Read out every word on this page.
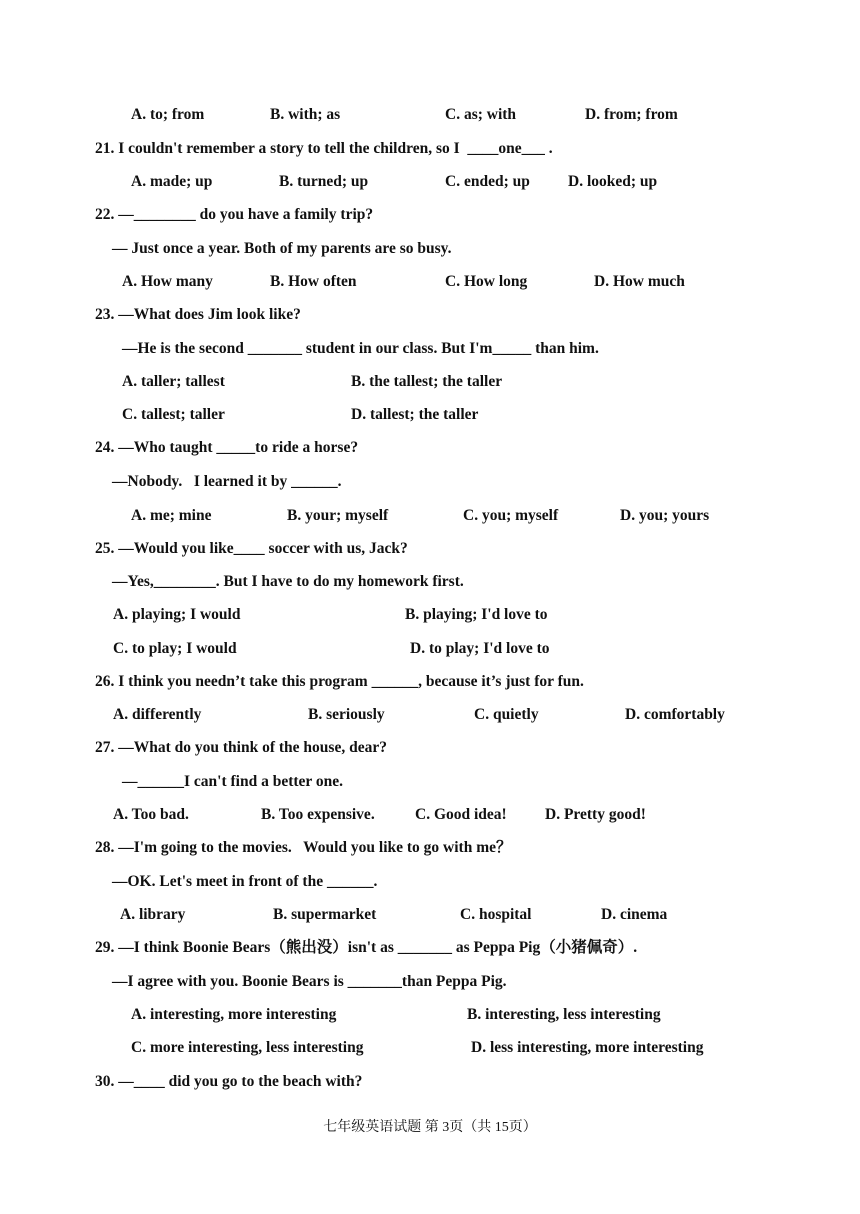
A. to; from	B. with; as	C. as; with	D. from; from
21. I couldn't remember a story to tell the children, so I  ____one___ .
A. made; up	B. turned; up	C. ended; up D. looked; up
22. —________ do you have a family trip?
— Just once a year. Both of my parents are so busy.
A. How many	B. How often	C. How long	D. How much
23. —What does Jim look like?
—He is the second _______ student in our class. But I'm_____ than him.
A. taller; tallest	B. the tallest; the taller
C. tallest; taller	D. tallest; the taller
24. —Who taught _____to ride a horse?
—Nobody.   I learned it by ______.
A. me; mine	B. your; myself	C. you; myself	D. you; yours
25. —Would you like____ soccer with us, Jack?
—Yes,________. But I have to do my homework first.
A. playing; I would	B. playing; I'd love to
C. to play; I would	D. to play; I'd love to
26. I think you needn’t take this program ______, because it’s just for fun.
A. differently	B. seriously	C. quietly	D. comfortably
27. —What do you think of the house, dear?
—______I can't find a better one.
A. Too bad.	B. Too expensive.	C. Good idea! D. Pretty good!
28. —I'm going to the movies.   Would you like to go with me？
—OK. Let's meet in front of the ______.
A. library	B. supermarket	C. hospital	D. cinema
29. —I think Boonie Bears（熊出没）isn't as _______ as Peppa Pig（小猪佩奇）.
—I agree with you. Boonie Bears is _______than Peppa Pig.
A. interesting, more interesting	B. interesting, less interesting
C. more interesting, less interesting	D. less interesting, more interesting
30. —____ did you go to the beach with?
七年级英语试题 第 3页（共 15页）
